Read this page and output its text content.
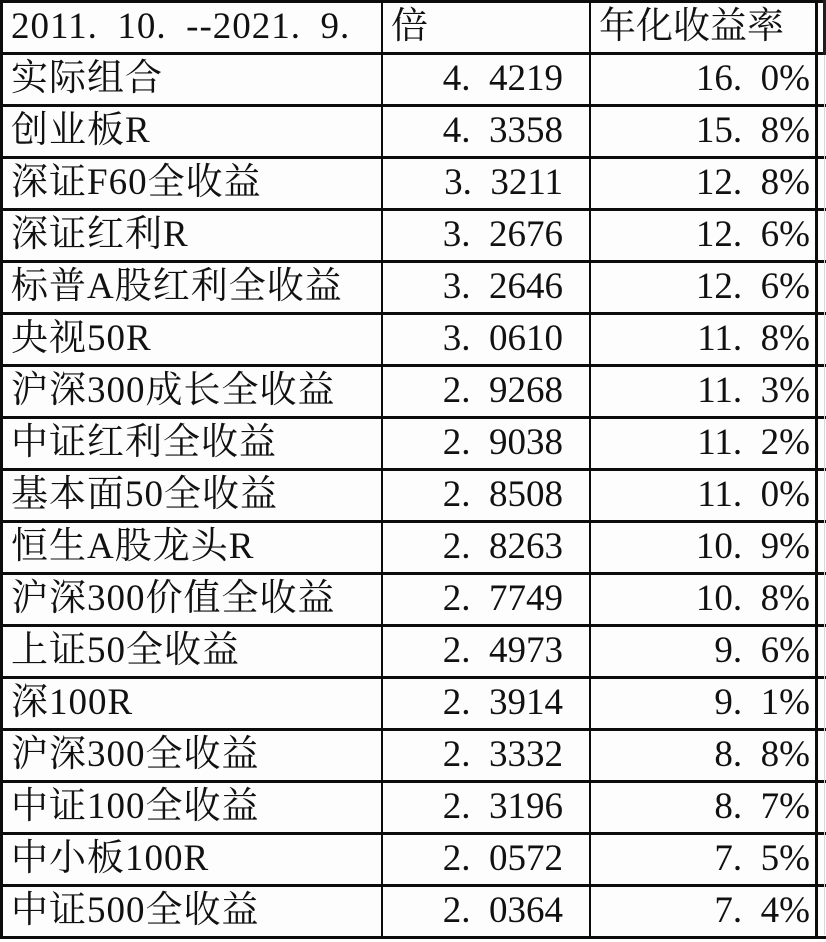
2011. 10. --2021. 9.	倍	年化收益率
实际组合	4. 4219	16. 0%
创业板R	4. 3358	15. 8%
深证F60全收益	3. 3211	12. 8%
深证红利R	3. 2676	12. 6%
标普A股红利全收益	3. 2646	12. 6%
央视50R	3. 0610	11. 8%
沪深300成长全收益	2. 9268	11. 3%
中证红利全收益	2. 9038	11. 2%
基本面50全收益	2. 8508	11. 0%
恒生A股龙头R	2. 8263	10. 9%
沪深300价值全收益	2. 7749	10. 8%
上证50全收益	2. 4973	9. 6%
深100R	2. 3914	9. 1%
沪深300全收益	2. 3332	8. 8%
中证100全收益	2. 3196	8. 7%
中小板100R	2. 0572	7. 5%
中证500全收益	2. 0364	7. 4%
